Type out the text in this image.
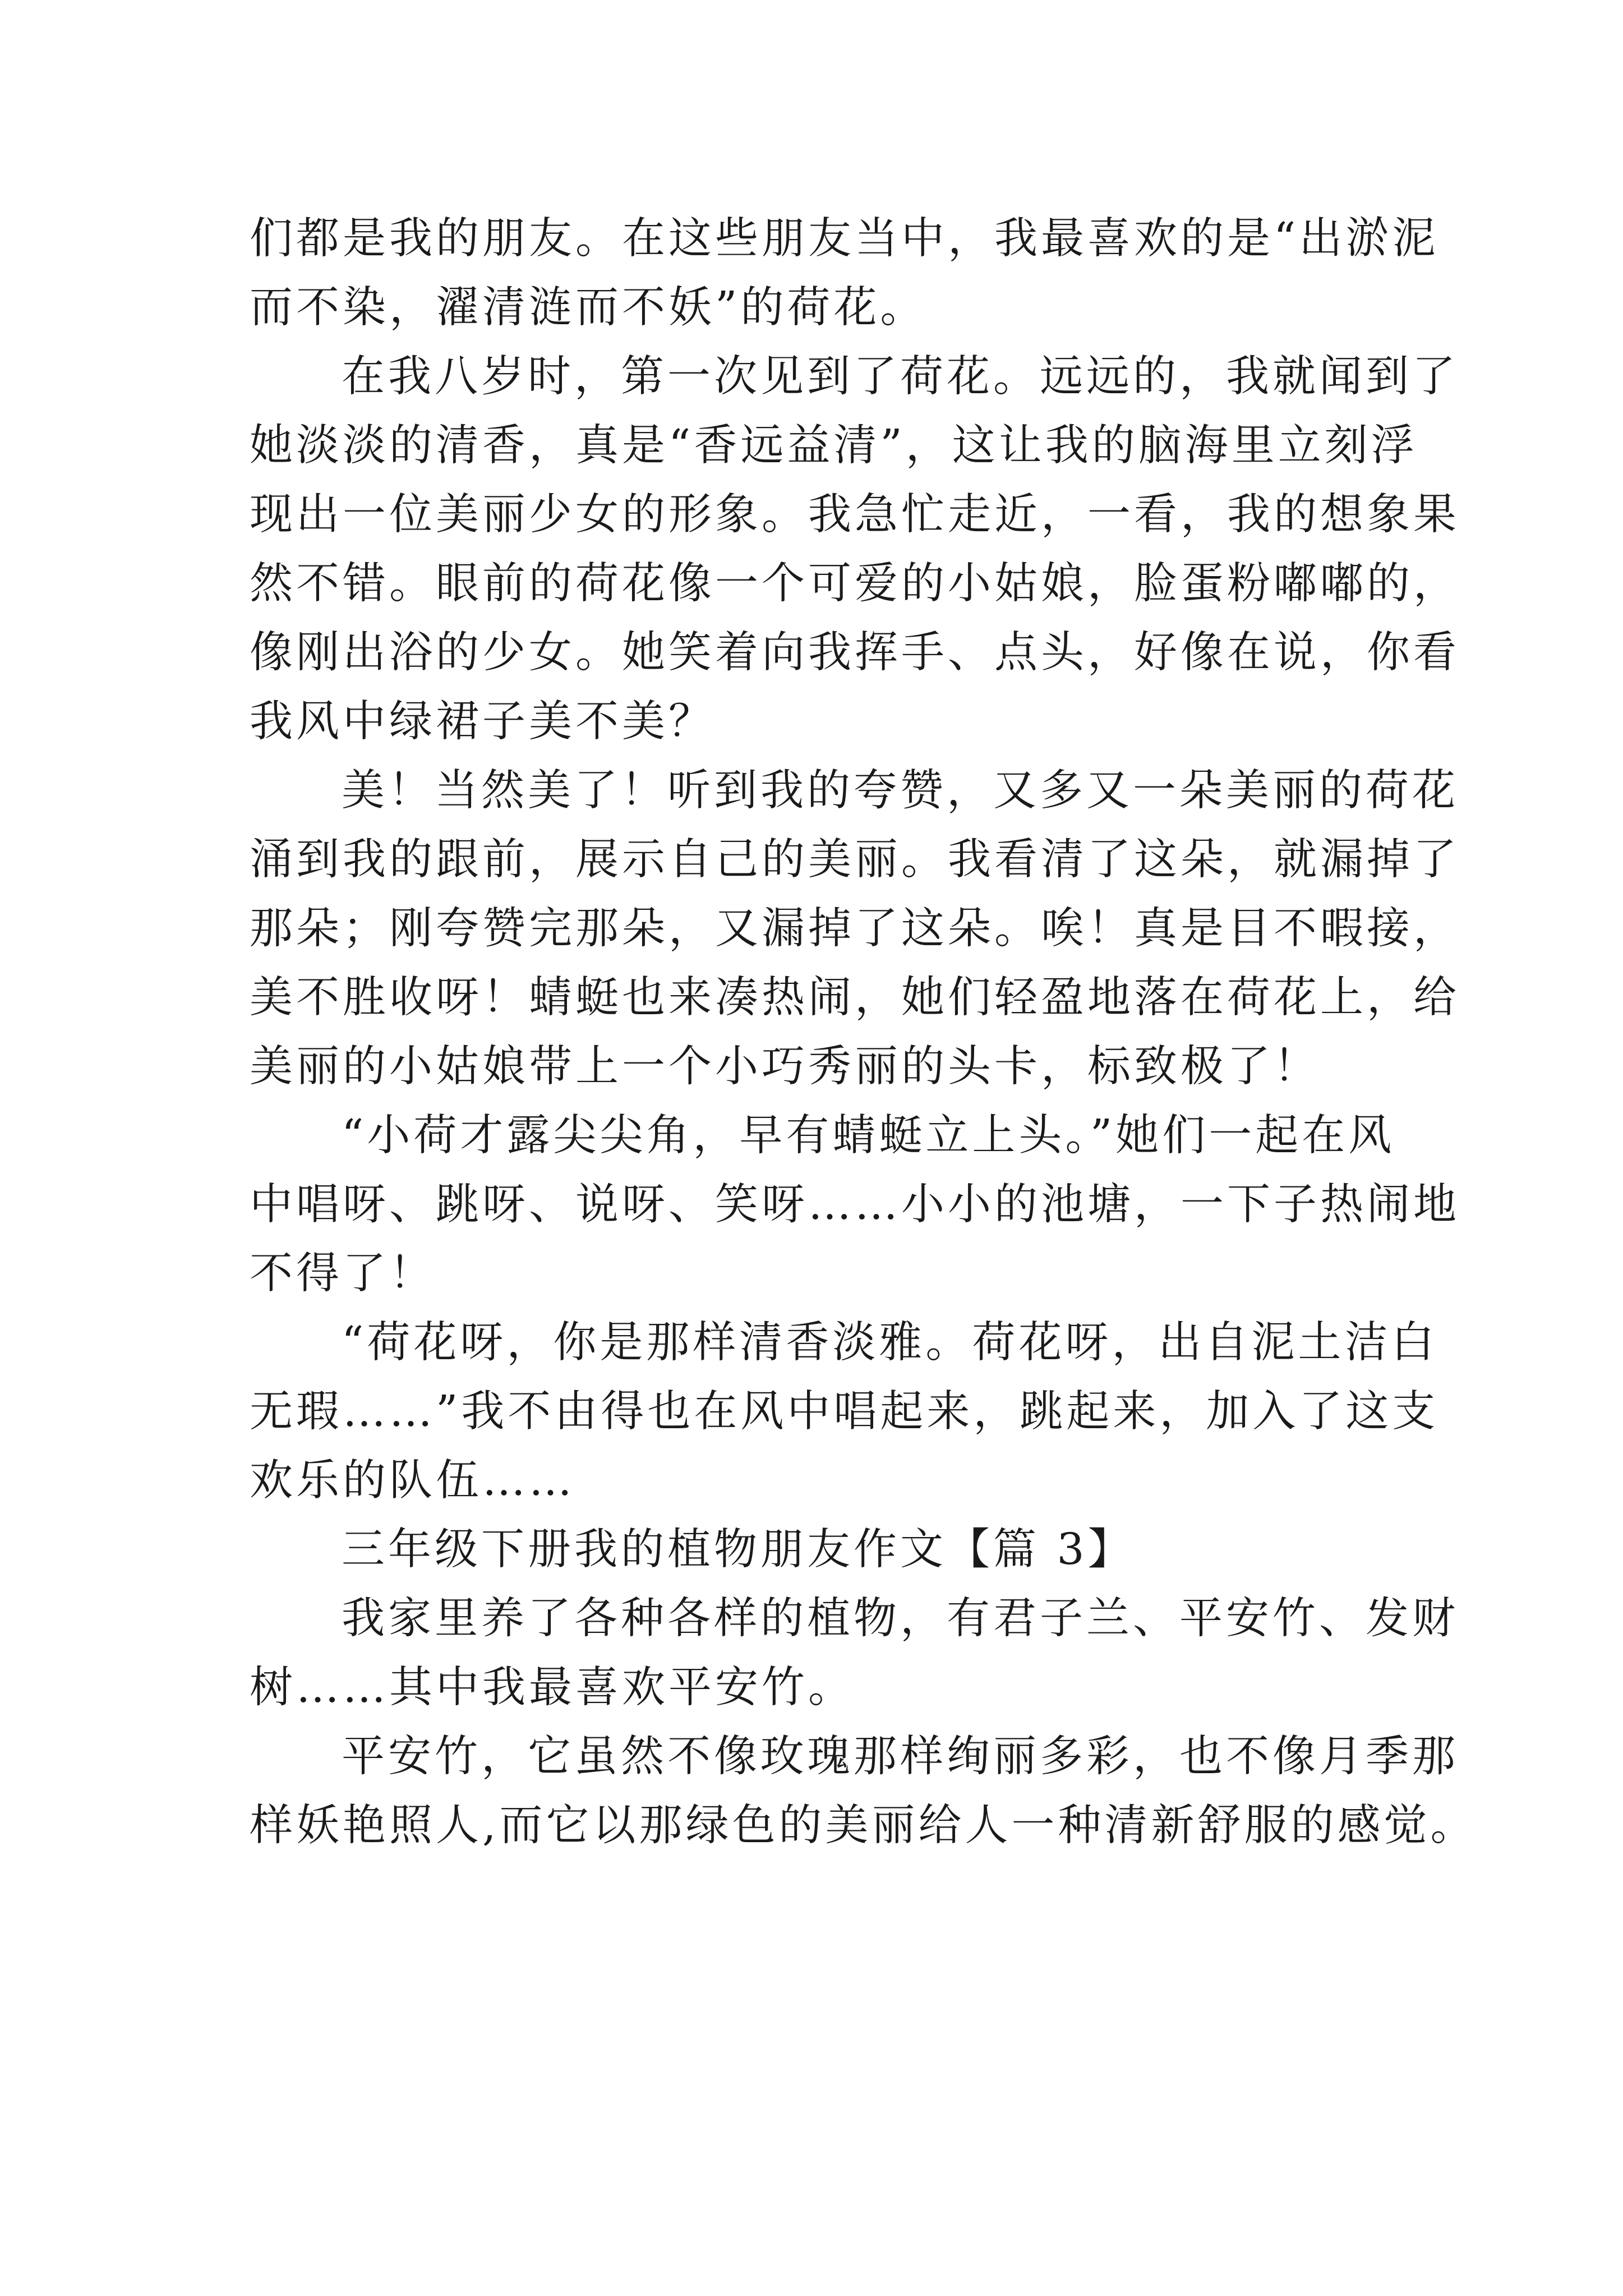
们都是我的朋友。在这些朋友当中，我最喜欢的是“出淤泥
而不染，濯清涟而不妖”的荷花。
在我八岁时，第一次见到了荷花。远远的，我就闻到了
她淡淡的清香，真是“香远益清”，这让我的脑海里立刻浮
现出一位美丽少女的形象。我急忙走近，一看，我的想象果
然不错。眼前的荷花像一个可爱的小姑娘，脸蛋粉嘟嘟的，
像刚出浴的少女。她笑着向我挥手、点头，好像在说，你看
我风中绿裙子美不美？
美！当然美了！听到我的夸赞，又多又一朵美丽的荷花
涌到我的跟前，展示自己的美丽。我看清了这朵，就漏掉了
那朵；刚夸赞完那朵，又漏掉了这朵。唉！真是目不暇接，
美不胜收呀！蜻蜓也来凑热闹，她们轻盈地落在荷花上，给
美丽的小姑娘带上一个小巧秀丽的头卡，标致极了！
“小荷才露尖尖角，早有蜻蜓立上头。”她们一起在风
中唱呀、跳呀、说呀、笑呀……小小的池塘，一下子热闹地
不得了！
“荷花呀，你是那样清香淡雅。荷花呀，出自泥土洁白
无瑕……”我不由得也在风中唱起来，跳起来，加入了这支
欢乐的队伍……
三年级下册我的植物朋友作文【篇 3】
我家里养了各种各样的植物，有君子兰、平安竹、发财
树……其中我最喜欢平安竹。
平安竹，它虽然不像玫瑰那样绚丽多彩，也不像月季那
样妖艳照人,而它以那绿色的美丽给人一种清新舒服的感觉。
